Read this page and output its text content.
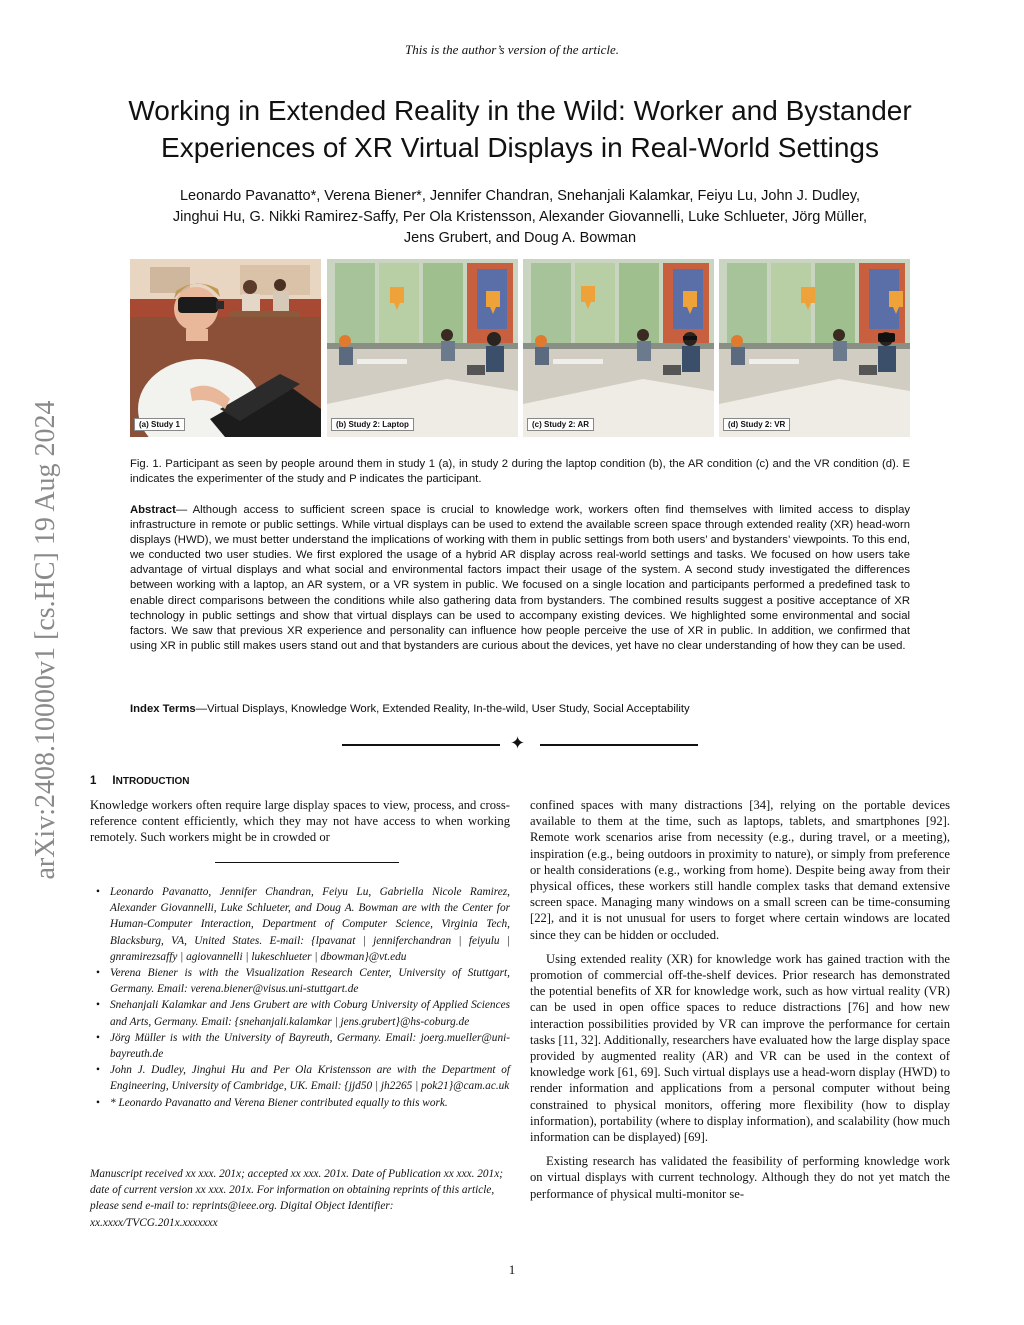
This is the author’s version of the article.
Working in Extended Reality in the Wild: Worker and Bystander
Experiences of XR Virtual Displays in Real-World Settings
Leonardo Pavanatto*, Verena Biener*, Jennifer Chandran, Snehanjali Kalamkar, Feiyu Lu, John J. Dudley,
Jinghui Hu, G. Nikki Ramirez-Saffy, Per Ola Kristensson, Alexander Giovannelli, Luke Schlueter, Jörg Müller,
Jens Grubert, and Doug A. Bowman
(a) Study 1	(b) Study 2: Laptop	(c) Study 2: AR	(d) Study 2: VR
Fig. 1. Participant as seen by people around them in study 1 (a), in study 2 during the laptop condition (b), the AR condition (c) and the VR condition (d). E indicates the experimenter of the study and P indicates the participant.
Abstract— Although access to sufficient screen space is crucial to knowledge work, workers often find themselves with limited access to display infrastructure in remote or public settings. While virtual displays can be used to extend the available screen space through extended reality (XR) head-worn displays (HWD), we must better understand the implications of working with them in public settings from both users’ and bystanders’ viewpoints. To this end, we conducted two user studies. We first explored the usage of a hybrid AR display across real-world settings and tasks. We focused on how users take advantage of virtual displays and what social and environmental factors impact their usage of the system. A second study investigated the differences between working with a laptop, an AR system, or a VR system in public. We focused on a single location and participants performed a predefined task to enable direct comparisons between the conditions while also gathering data from bystanders. The combined results suggest a positive acceptance of XR technology in public settings and show that virtual displays can be used to accompany existing devices. We highlighted some environmental and social factors. We saw that previous XR experience and personality can influence how people perceive the use of XR in public. In addition, we confirmed that using XR in public still makes users stand out and that bystanders are curious about the devices, yet have no clear understanding of how they can be used.
Index Terms—Virtual Displays, Knowledge Work, Extended Reality, In-the-wild, User Study, Social Acceptability
✦
arXiv:2408.10000v1 [cs.HC] 19 Aug 2024	1 INTRODUCTION
Knowledge workers often require large display spaces to view, process, and cross-reference content efficiently, which they may not have access to when working remotely. Such workers might be in crowded or
• Leonardo Pavanatto, Jennifer Chandran, Feiyu Lu, Gabriella Nicole Ramirez, Alexander Giovannelli, Luke Schlueter, and Doug A. Bowman are with the Center for Human-Computer Interaction, Department of Computer Science, Virginia Tech, Blacksburg, VA, United States. E-mail: {lpavanat | jenniferchandran | feiyulu | gnramirezsaffy | agiovannelli | lukeschlueter | dbowman}@vt.edu
• Verena Biener is with the Visualization Research Center, University of Stuttgart, Germany. Email: verena.biener@visus.uni-stuttgart.de
• Snehanjali Kalamkar and Jens Grubert are with Coburg University of Applied Sciences and Arts, Germany. Email: {snehanjali.kalamkar | jens.grubert}@hs-coburg.de
• Jörg Müller is with the University of Bayreuth, Germany. Email: joerg.mueller@uni-bayreuth.de
• John J. Dudley, Jinghui Hu and Per Ola Kristensson are with the Department of Engineering, University of Cambridge, UK. Email: {jjd50 | jh2265 | pok21}@cam.ac.uk
• * Leonardo Pavanatto and Verena Biener contributed equally to this work.
Manuscript received xx xxx. 201x; accepted xx xxx. 201x. Date of Publication xx xxx. 201x; date of current version xx xxx. 201x. For information on obtaining reprints of this article, please send e-mail to: reprints@ieee.org. Digital Object Identifier: xx.xxxx/TVCG.201x.xxxxxxx

confined spaces with many distractions [34], relying on the portable devices available to them at the time, such as laptops, tablets, and smartphones [92]. Remote work scenarios arise from necessity (e.g., during travel, or a meeting), inspiration (e.g., being outdoors in proximity to nature), or simply from preference or health considerations (e.g., working from home). Despite being away from their physical offices, these workers still handle complex tasks that demand extensive screen space. Managing many windows on a small screen can be time-consuming [22], and it is not unusual for users to forget where certain windows are located since they can be hidden or occluded.

Using extended reality (XR) for knowledge work has gained traction with the promotion of commercial off-the-shelf devices. Prior research has demonstrated the potential benefits of XR for knowledge work, such as how virtual reality (VR) can be used in open office spaces to reduce distractions [76] and how new interaction possibilities provided by VR can improve the performance for certain tasks [11, 32]. Additionally, researchers have evaluated how the large display space provided by augmented reality (AR) and VR can be used in the context of knowledge work [61, 69]. Such virtual displays use a head-worn display (HWD) to render information and applications from a personal computer without being constrained to physical monitors, offering more flexibility (how to display information), portability (where to display information), and scalability (how much information can be displayed) [69].

Existing research has validated the feasibility of performing knowledge work on virtual displays with current technology. Although they do not yet match the performance of physical multi-monitor se-

1
